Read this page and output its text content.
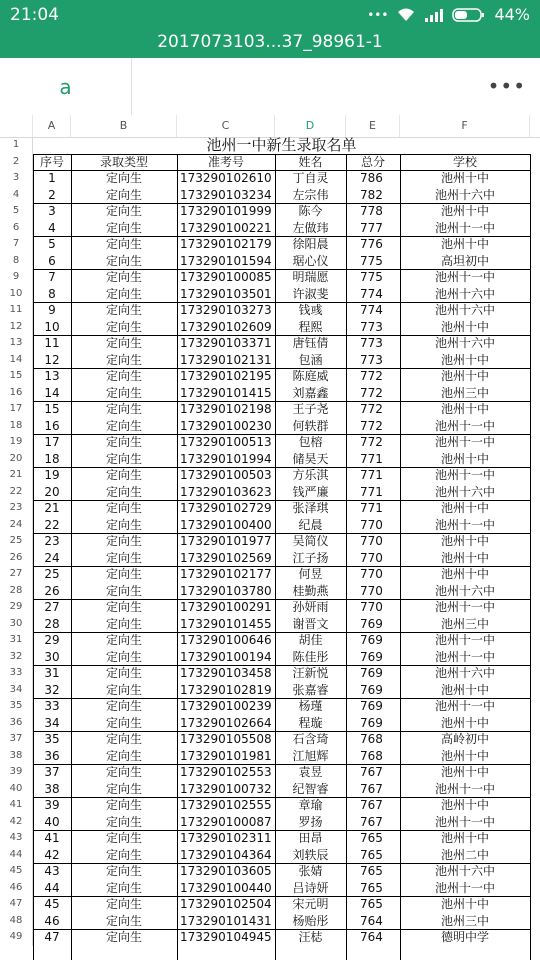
21:04	•••	44%
2017073103...37_98961-1
a	•••
A	B	C	D	E	F
1	池州一中新生录取名单
2	序号	录取类型	准考号	姓名	总分	学校
3	1	定向生	173290102610	丁自灵	786	池州十中
4	2	定向生	173290103234	左宗伟	782	池州十六中
5	3	定向生	173290101999	陈今	778	池州十中
6	4	定向生	173290100221	左做玮	777	池州十一中
7	5	定向生	173290102179	徐阳晨	776	池州十中
8	6	定向生	173290101594	琚心仪	775	高坦初中
9	7	定向生	173290100085	明瑞愿	775	池州十一中
10	8	定向生	173290103501	许淑斐	774	池州十六中
11	9	定向生	173290103273	钱彧	774	池州十六中
12	10	定向生	173290102609	程熙	773	池州十中
13	11	定向生	173290103371	唐钰倩	773	池州十六中
14	12	定向生	173290102131	包涵	773	池州十中
15	13	定向生	173290102195	陈庭威	772	池州十中
16	14	定向生	173290101415	刘嘉鑫	772	池州三中
17	15	定向生	173290102198	王子尧	772	池州十中
18	16	定向生	173290100230	何轶群	772	池州十一中
19	17	定向生	173290100513	包榕	772	池州十一中
20	18	定向生	173290101994	储昊天	771	池州十中
21	19	定向生	173290100503	方乐淇	771	池州十一中
22	20	定向生	173290103623	钱严廉	771	池州十六中
23	21	定向生	173290102729	张泽琪	771	池州十中
24	22	定向生	173290100400	纪晨	770	池州十一中
25	23	定向生	173290101977	吴简仪	770	池州十中
26	24	定向生	173290102569	江子扬	770	池州十中
27	25	定向生	173290102177	何昱	770	池州十中
28	26	定向生	173290103780	桂勤燕	770	池州十六中
29	27	定向生	173290100291	孙妍雨	770	池州十一中
30	28	定向生	173290101455	谢晋文	769	池州三中
31	29	定向生	173290100646	胡佳	769	池州十一中
32	30	定向生	173290100194	陈佳彤	769	池州十一中
33	31	定向生	173290103458	汪新悦	769	池州十六中
34	32	定向生	173290102819	张嘉睿	769	池州十中
35	33	定向生	173290100239	杨瑾	769	池州十一中
36	34	定向生	173290102664	程璇	769	池州十中
37	35	定向生	173290105508	石含琦	768	高岭初中
38	36	定向生	173290101981	江旭辉	768	池州十中
39	37	定向生	173290102553	袁昱	767	池州十中
40	38	定向生	173290100732	纪智睿	767	池州十一中
41	39	定向生	173290102555	章瑜	767	池州十中
42	40	定向生	173290100087	罗扬	767	池州十一中
43	41	定向生	173290102311	田昂	765	池州十中
44	42	定向生	173290104364	刘轶辰	765	池州二中
45	43	定向生	173290103605	张婧	765	池州十六中
46	44	定向生	173290100440	吕诗妍	765	池州十一中
47	45	定向生	173290102504	宋元明	765	池州十中
48	46	定向生	173290101431	杨贻彤	764	池州三中
49	47	定向生	173290104945	汪梽	764	德明中学
